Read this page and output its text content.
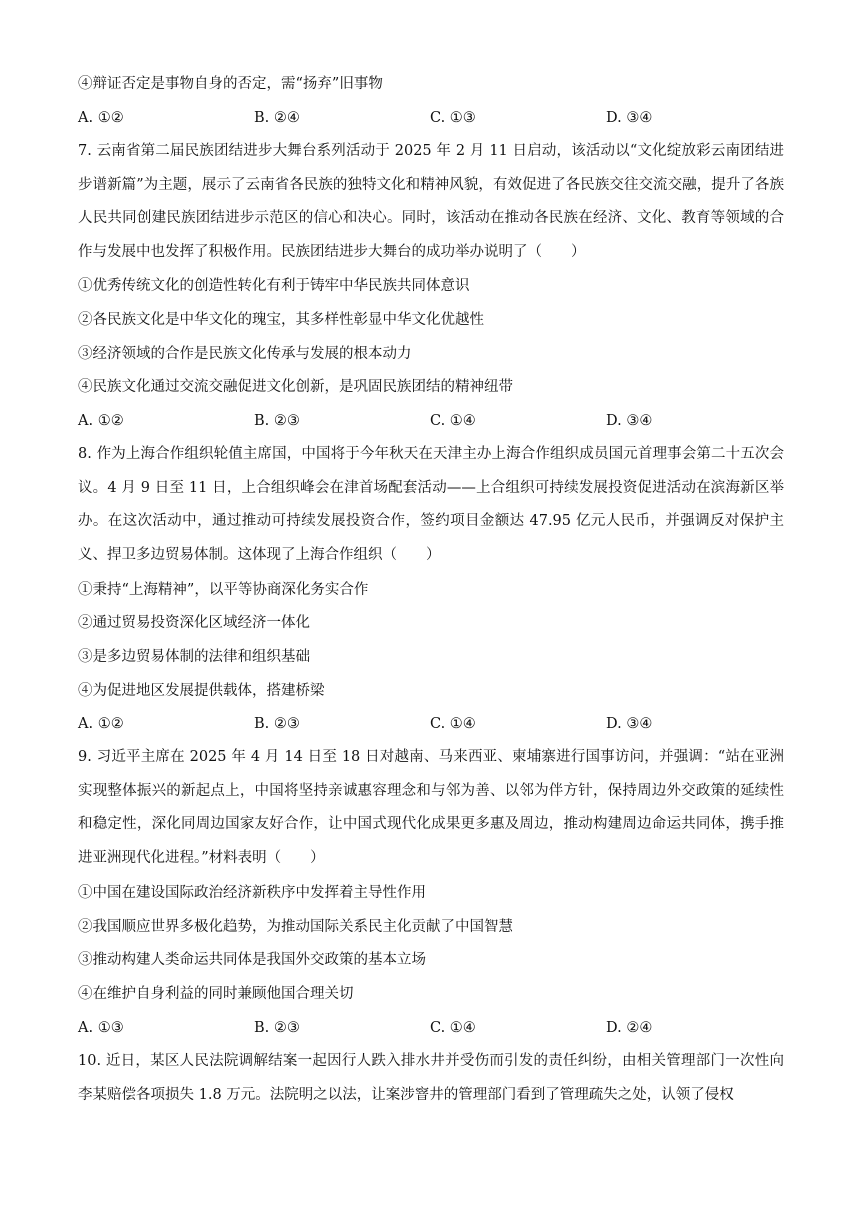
④辩证否定是事物自身的否定，需“扬弃”旧事物
A. ①②	B. ②④	C. ①③	D. ③④
7. 云南省第二届民族团结进步大舞台系列活动于 2025 年 2 月 11 日启动，该活动以“文化绽放彩云南团结进步谱新篇”为主题，展示了云南省各民族的独特文化和精神风貌，有效促进了各民族交往交流交融，提升了各族人民共同创建民族团结进步示范区的信心和决心。同时，该活动在推动各民族在经济、文化、教育等领域的合作与发展中也发挥了积极作用。民族团结进步大舞台的成功举办说明了（　　）
①优秀传统文化的创造性转化有利于铸牢中华民族共同体意识
②各民族文化是中华文化的瑰宝，其多样性彰显中华文化优越性
③经济领域的合作是民族文化传承与发展的根本动力
④民族文化通过交流交融促进文化创新，是巩固民族团结的精神纽带
A. ①②	B. ②③	C. ①④	D. ③④
8. 作为上海合作组织轮值主席国，中国将于今年秋天在天津主办上海合作组织成员国元首理事会第二十五次会议。4 月 9 日至 11 日，上合组织峰会在津首场配套活动——上合组织可持续发展投资促进活动在滨海新区举办。在这次活动中，通过推动可持续发展投资合作，签约项目金额达 47.95 亿元人民币，并强调反对保护主义、捍卫多边贸易体制。这体现了上海合作组织（　　）
①秉持“上海精神”，以平等协商深化务实合作
②通过贸易投资深化区域经济一体化
③是多边贸易体制的法律和组织基础
④为促进地区发展提供载体，搭建桥梁
A. ①②	B. ②③	C. ①④	D. ③④
9. 习近平主席在 2025 年 4 月 14 日至 18 日对越南、马来西亚、柬埔寨进行国事访问，并强调：“站在亚洲实现整体振兴的新起点上，中国将坚持亲诚惠容理念和与邻为善、以邻为伴方针，保持周边外交政策的延续性和稳定性，深化同周边国家友好合作，让中国式现代化成果更多惠及周边，推动构建周边命运共同体，携手推进亚洲现代化进程。”材料表明（　　）
①中国在建设国际政治经济新秩序中发挥着主导性作用
②我国顺应世界多极化趋势，为推动国际关系民主化贡献了中国智慧
③推动构建人类命运共同体是我国外交政策的基本立场
④在维护自身利益的同时兼顾他国合理关切
A. ①③	B. ②③	C. ①④	D. ②④
10. 近日，某区人民法院调解结案一起因行人跌入排水井并受伤而引发的责任纠纷，由相关管理部门一次性向李某赔偿各项损失 1.8 万元。法院明之以法，让案涉窨井的管理部门看到了管理疏失之处，认领了侵权
